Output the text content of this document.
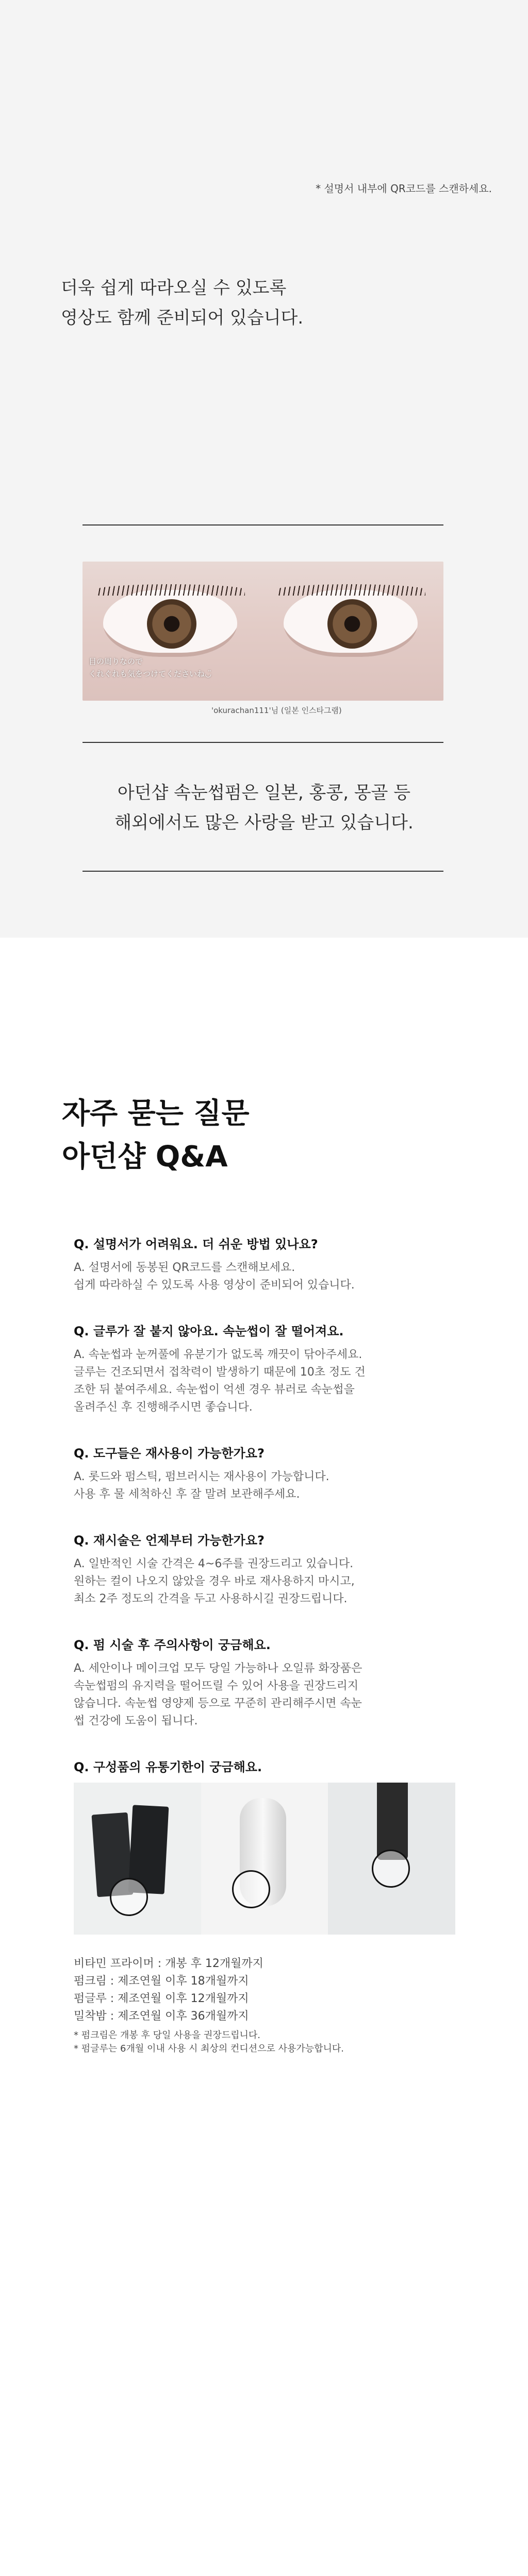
* 설명서 내부에 QR코드를 스캔하세요.
더욱 쉽게 따라오실 수 있도록
영상도 함께 준비되어 있습니다.
目の周りなので
くれぐれも気をつけてくださいね◡̈
'okurachan111'님 (일본 인스타그램)
아던샵 속눈썹펌은 일본, 홍콩, 몽골 등
해외에서도 많은 사랑을 받고 있습니다.
자주 묻는 질문
아던샵 Q&A
Q. 설명서가 어려워요. 더 쉬운 방법 있나요?
A. 설명서에 동봉된 QR코드를 스캔해보세요.
쉽게 따라하실 수 있도록 사용 영상이 준비되어 있습니다.
Q. 글루가 잘 붙지 않아요. 속눈썹이 잘 떨어져요.
A. 속눈썹과 눈꺼풀에 유분기가 없도록 깨끗이 닦아주세요.
글루는 건조되면서 접착력이 발생하기 때문에 10초 정도 건
조한 뒤 붙여주세요. 속눈썹이 억센 경우 뷰러로 속눈썹을
올려주신 후 진행해주시면 좋습니다.
Q. 도구들은 재사용이 가능한가요?
A. 롯드와 펌스틱, 펌브러시는 재사용이 가능합니다.
사용 후 물 세척하신 후 잘 말려 보관해주세요.
Q. 재시술은 언제부터 가능한가요?
A. 일반적인 시술 간격은 4~6주를 권장드리고 있습니다.
원하는 컬이 나오지 않았을 경우 바로 재사용하지 마시고,
최소 2주 정도의 간격을 두고 사용하시길 권장드립니다.
Q. 펌 시술 후 주의사항이 궁금해요.
A. 세안이나 메이크업 모두 당일 가능하나 오일류 화장품은
속눈썹펌의 유지력을 떨어뜨릴 수 있어 사용을 권장드리지
않습니다. 속눈썹 영양제 등으로 꾸준히 관리해주시면 속눈
썹 건강에 도움이 됩니다.
Q. 구성품의 유통기한이 궁금해요.
비타민 프라이머 : 개봉 후 12개월까지
펌크림 : 제조연월 이후 18개월까지
펌글루 : 제조연월 이후 12개월까지
밀착밤 : 제조연월 이후 36개월까지
* 펌크림은 개봉 후 당일 사용을 권장드립니다.
* 펌글루는 6개월 이내 사용 시 최상의 컨디션으로 사용가능합니다.
